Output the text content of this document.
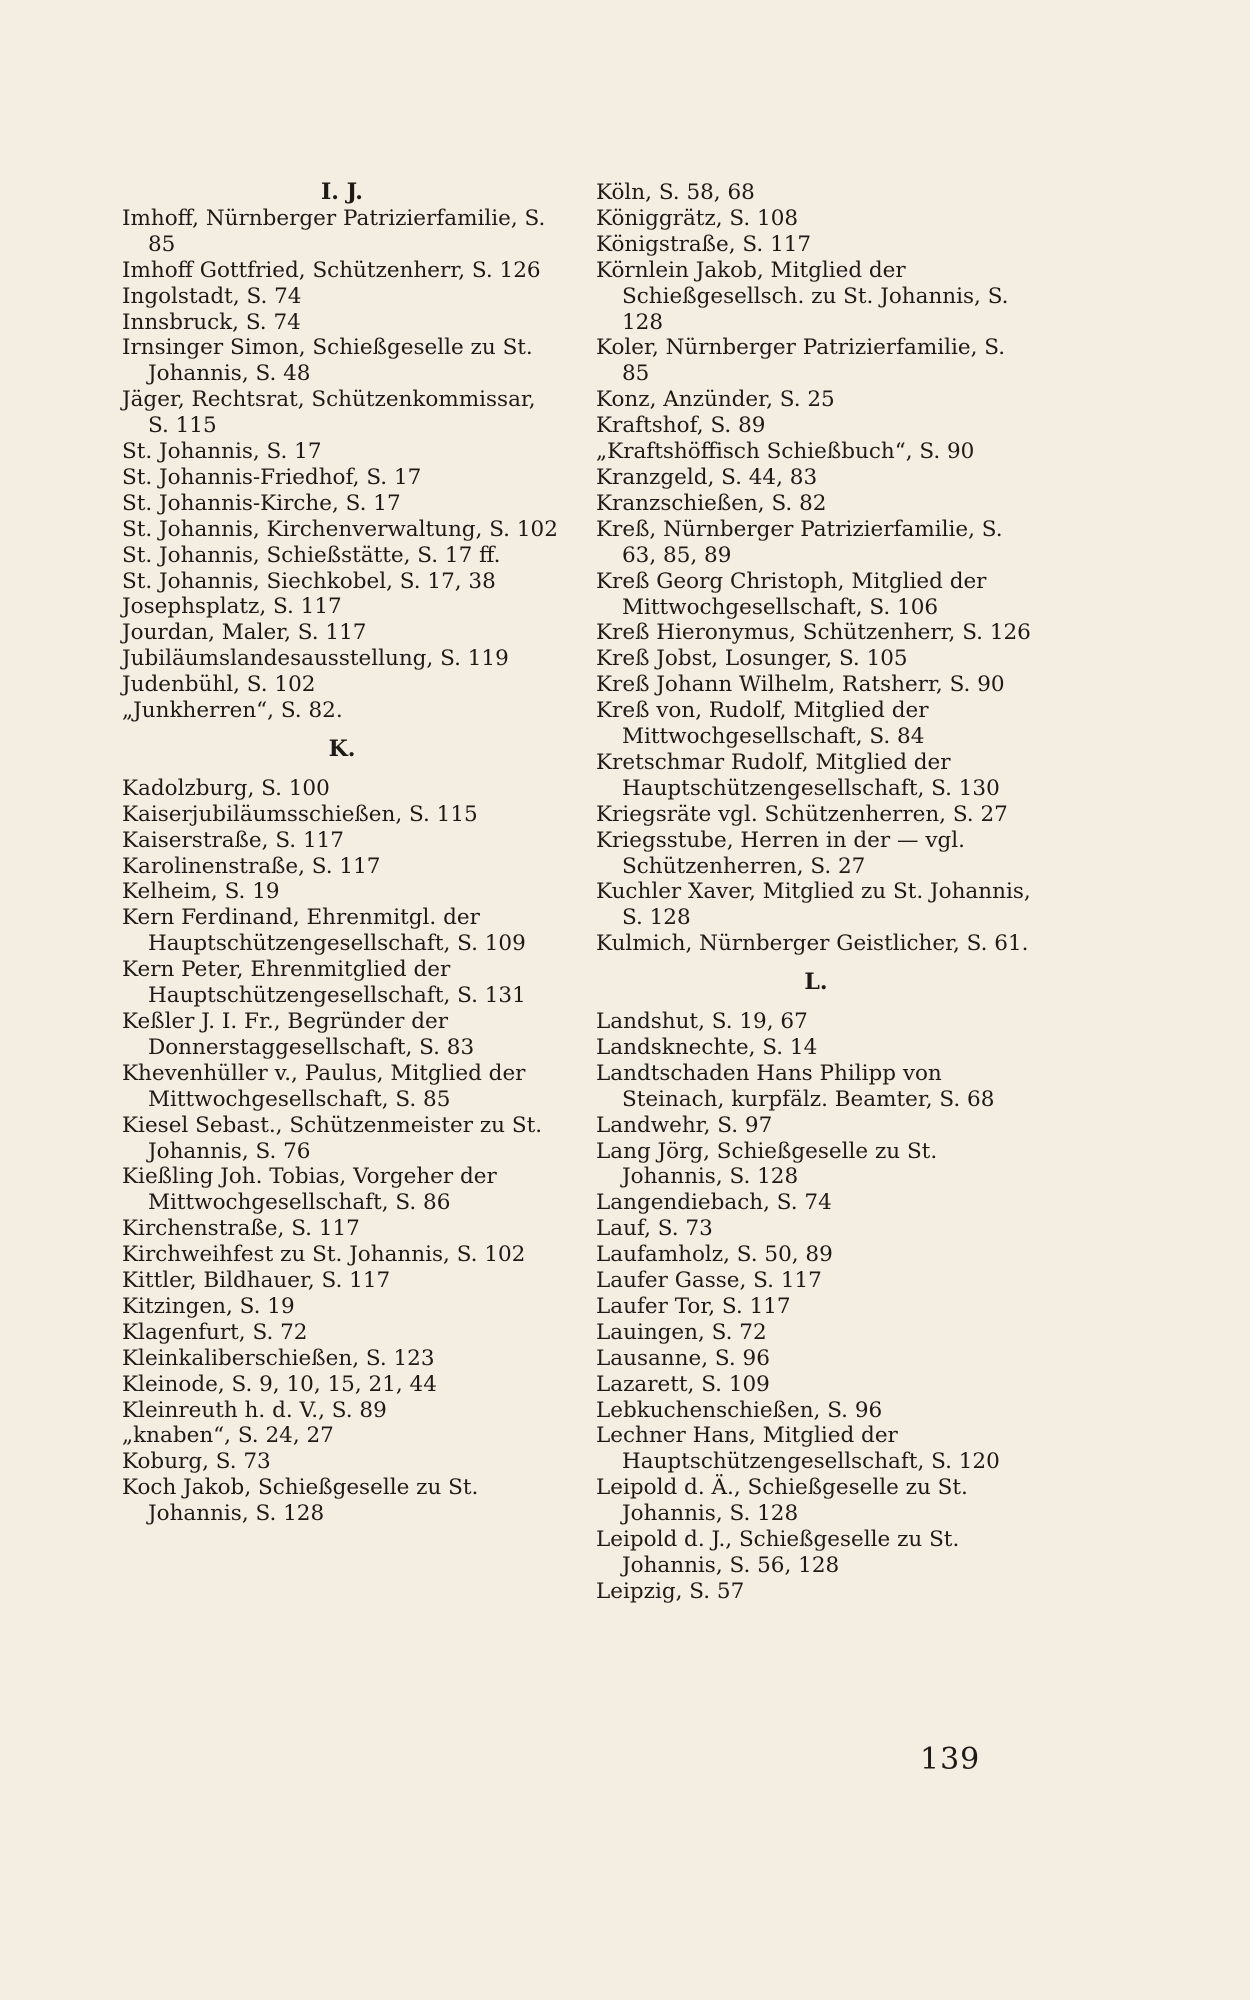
I. J.
Imhoff, Nürnberger Patrizierfamilie, S. 85
Imhoff Gottfried, Schützenherr, S. 126
Ingolstadt, S. 74
Innsbruck, S. 74
Irnsinger Simon, Schießgeselle zu St. Johannis, S. 48
Jäger, Rechtsrat, Schützenkommissar, S. 115
St. Johannis, S. 17
St. Johannis-Friedhof, S. 17
St. Johannis-Kirche, S. 17
St. Johannis, Kirchenverwaltung, S. 102
St. Johannis, Schießstätte, S. 17 ff.
St. Johannis, Siechkobel, S. 17, 38
Josephsplatz, S. 117
Jourdan, Maler, S. 117
Jubiläumslandesausstellung, S. 119
Judenbühl, S. 102
„Junkherren“, S. 82.
K.
Kadolzburg, S. 100
Kaiserjubiläumsschießen, S. 115
Kaiserstraße, S. 117
Karolinenstraße, S. 117
Kelheim, S. 19
Kern Ferdinand, Ehrenmitgl. der Hauptschützengesellschaft, S. 109
Kern Peter, Ehrenmitglied der Hauptschützengesellschaft, S. 131
Keßler J. I. Fr., Begründer der Donnerstaggesellschaft, S. 83
Khevenhüller v., Paulus, Mitglied der Mittwochgesellschaft, S. 85
Kiesel Sebast., Schützenmeister zu St. Johannis, S. 76
Kießling Joh. Tobias, Vorgeher der Mittwochgesellschaft, S. 86
Kirchenstraße, S. 117
Kirchweihfest zu St. Johannis, S. 102
Kittler, Bildhauer, S. 117
Kitzingen, S. 19
Klagenfurt, S. 72
Kleinkaliberschießen, S. 123
Kleinode, S. 9, 10, 15, 21, 44
Kleinreuth h. d. V., S. 89
„knaben“, S. 24, 27
Koburg, S. 73
Koch Jakob, Schießgeselle zu St. Johannis, S. 128
Köln, S. 58, 68
Königgrätz, S. 108
Königstraße, S. 117
Körnlein Jakob, Mitglied der Schießgesellsch. zu St. Johannis, S. 128
Koler, Nürnberger Patrizierfamilie, S. 85
Konz, Anzünder, S. 25
Kraftshof, S. 89
„Kraftshöffisch Schießbuch“, S. 90
Kranzgeld, S. 44, 83
Kranzschießen, S. 82
Kreß, Nürnberger Patrizierfamilie, S. 63, 85, 89
Kreß Georg Christoph, Mitglied der Mittwochgesellschaft, S. 106
Kreß Hieronymus, Schützenherr, S. 126
Kreß Jobst, Losunger, S. 105
Kreß Johann Wilhelm, Ratsherr, S. 90
Kreß von, Rudolf, Mitglied der Mittwochgesellschaft, S. 84
Kretschmar Rudolf, Mitglied der Hauptschützengesellschaft, S. 130
Kriegsräte vgl. Schützenherren, S. 27
Kriegsstube, Herren in der — vgl. Schützenherren, S. 27
Kuchler Xaver, Mitglied zu St. Johannis, S. 128
Kulmich, Nürnberger Geistlicher, S. 61.
L.
Landshut, S. 19, 67
Landsknechte, S. 14
Landtschaden Hans Philipp von Steinach, kurpfälz. Beamter, S. 68
Landwehr, S. 97
Lang Jörg, Schießgeselle zu St. Johannis, S. 128
Langendiebach, S. 74
Lauf, S. 73
Laufamholz, S. 50, 89
Laufer Gasse, S. 117
Laufer Tor, S. 117
Lauingen, S. 72
Lausanne, S. 96
Lazarett, S. 109
Lebkuchenschießen, S. 96
Lechner Hans, Mitglied der Hauptschützengesellschaft, S. 120
Leipold d. Ä., Schießgeselle zu St. Johannis, S. 128
Leipold d. J., Schießgeselle zu St. Johannis, S. 56, 128
Leipzig, S. 57
139
